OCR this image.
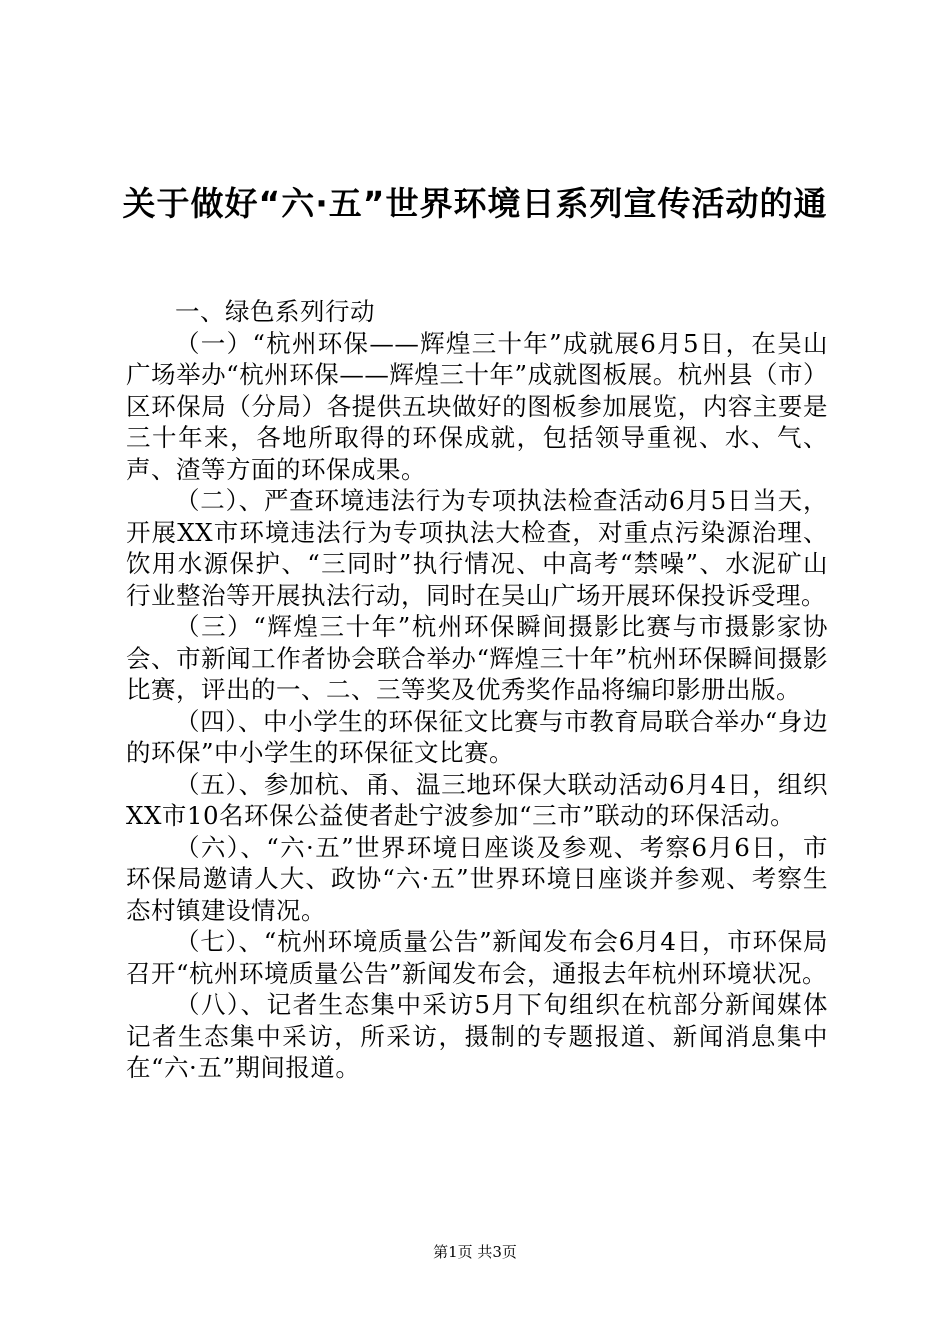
关于做好“六·五”世界环境日系列宣传活动的通

一、绿色系列行动

（一）“杭州环保——辉煌三十年”成就展6月5日，在吴山广场举办“杭州环保——辉煌三十年”成就图板展。杭州县（市）区环保局（分局）各提供五块做好的图板参加展览，内容主要是三十年来，各地所取得的环保成就，包括领导重视、水、气、声、渣等方面的环保成果。

（二）、严查环境违法行为专项执法检查活动6月5日当天，开展XX市环境违法行为专项执法大检查，对重点污染源治理、饮用水源保护、“三同时”执行情况、中高考“禁噪”、水泥矿山行业整治等开展执法行动，同时在吴山广场开展环保投诉受理。

（三）“辉煌三十年”杭州环保瞬间摄影比赛与市摄影家协会、市新闻工作者协会联合举办“辉煌三十年”杭州环保瞬间摄影比赛，评出的一、二、三等奖及优秀奖作品将编印影册出版。

（四）、中小学生的环保征文比赛与市教育局联合举办“身边的环保”中小学生的环保征文比赛。

（五）、参加杭、甬、温三地环保大联动活动6月4日，组织XX市10名环保公益使者赴宁波参加“三市”联动的环保活动。

（六）、“六·五”世界环境日座谈及参观、考察6月6日，市环保局邀请人大、政协“六·五”世界环境日座谈并参观、考察生态村镇建设情况。

（七）、“杭州环境质量公告”新闻发布会6月4日，市环保局召开“杭州环境质量公告”新闻发布会，通报去年杭州环境状况。

（八）、记者生态集中采访5月下旬组织在杭部分新闻媒体记者生态集中采访，所采访，摄制的专题报道、新闻消息集中在“六·五”期间报道。

第1页 共3页
